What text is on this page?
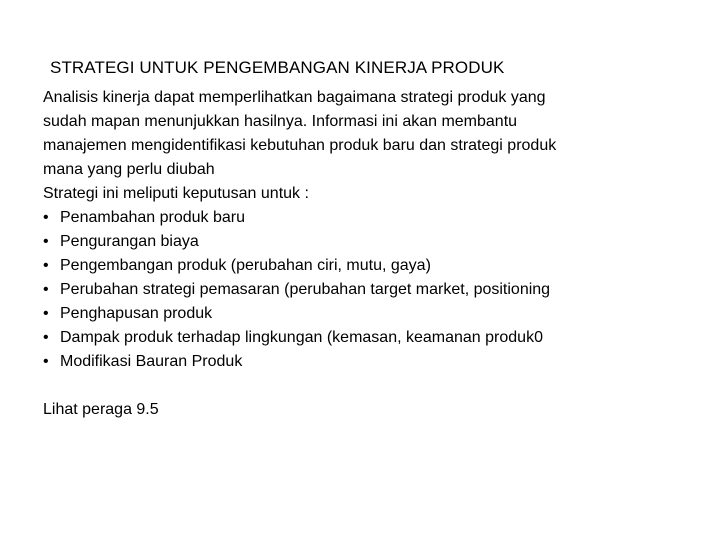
STRATEGI UNTUK PENGEMBANGAN KINERJA PRODUK

Analisis kinerja dapat memperlihatkan bagaimana strategi produk yang

sudah mapan menunjukkan hasilnya. Informasi ini akan membantu

manajemen mengidentifikasi kebutuhan produk baru dan strategi produk

mana yang perlu diubah

Strategi ini meliputi keputusan untuk :

• Penambahan produk baru
• Pengurangan biaya
• Pengembangan produk (perubahan ciri, mutu, gaya)
• Perubahan strategi pemasaran (perubahan target market, positioning
• Penghapusan produk
• Dampak produk terhadap lingkungan (kemasan, keamanan produk0
• Modifikasi Bauran Produk

Lihat peraga 9.5
